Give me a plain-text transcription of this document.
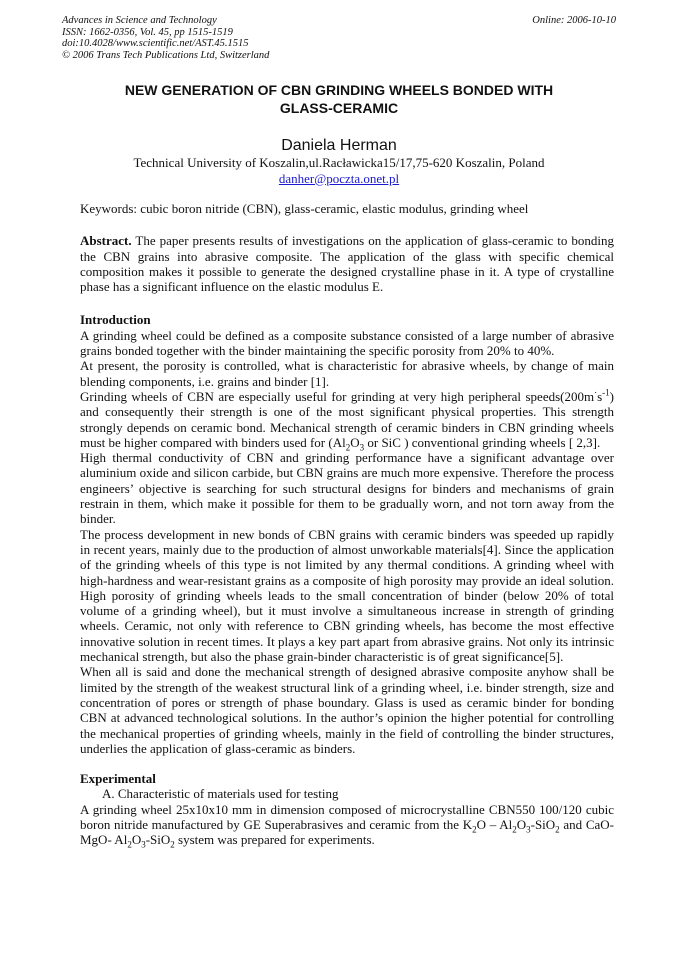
Advances in Science and Technology
ISSN: 1662-0356, Vol. 45, pp 1515-1519
doi:10.4028/www.scientific.net/AST.45.1515
© 2006 Trans Tech Publications Ltd, Switzerland
Online: 2006-10-10
NEW GENERATION OF CBN GRINDING WHEELS BONDED WITH
GLASS-CERAMIC
Daniela Herman
Technical University of Koszalin,ul.Racławicka15/17,75-620 Koszalin, Poland
danher@poczta.onet.pl

Keywords: cubic boron nitride (CBN), glass-ceramic, elastic modulus, grinding wheel

Abstract. The paper presents results of investigations on the application of glass-ceramic to bonding the CBN grains into abrasive composite. The application of the glass with specific chemical composition makes it possible to generate the designed crystalline phase in it. A type of crystalline phase has a significant influence on the elastic modulus E.

Introduction

A grinding wheel could be defined as a composite substance consisted of a large number of abrasive grains bonded together with the binder maintaining the specific porosity from 20% to 40%.

At present, the porosity is controlled, what is characteristic for abrasive wheels, by change of main blending components, i.e. grains and binder [1].

Grinding wheels of CBN are especially useful for grinding at very high peripheral $speeds(200m^\cdot s^{-1})$ and consequently their strength is one of the most significant physical properties. This strength strongly depends on ceramic bond. Mechanical strength of ceramic binders in CBN grinding wheels must be higher compared with binders used for ($Al_2O_3$ or SiC ) conventional grinding wheels [ 2,3].

High thermal conductivity of CBN and grinding performance have a significant advantage over aluminium oxide and silicon carbide, but CBN grains are much more expensive. Therefore the process engineers’ objective is searching for such structural designs for binders and mechanisms of grain restrain in them, which make it possible for them to be gradually worn, and not torn away from the binder.

The process development in new bonds of CBN grains with ceramic binders was speeded up rapidly in recent years, mainly due to the production of almost unworkable materials[4]. Since the application of the grinding wheels of this type is not limited by any thermal conditions. A grinding wheel with high-hardness and wear-resistant grains as a composite of high porosity may provide an ideal solution. High porosity of grinding wheels leads to the small concentration of binder (below 20% of total volume of a grinding wheel), but it must involve a simultaneous increase in strength of grinding wheels. Ceramic, not only with reference to CBN grinding wheels, has become the most effective innovative solution in recent times. It plays a key part apart from abrasive grains. Not only its intrinsic mechanical strength, but also the phase grain-binder characteristic is of great significance[5].

When all is said and done the mechanical strength of designed abrasive composite anyhow shall be limited by the strength of the weakest structural link of a grinding wheel, i.e. binder strength, size and concentration of pores or strength of phase boundary. Glass is used as ceramic binder for bonding CBN at advanced technological solutions. In the author’s opinion the higher potential for controlling the mechanical properties of grinding wheels, mainly in the field of controlling the binder structures, underlies the application of glass-ceramic as binders.

Experimental

A. Characteristic of materials used for testing

A grinding wheel 25x10x10 mm in dimension composed of microcrystalline CBN550 100/120 cubic boron nitride manufactured by GE Superabrasives and ceramic from the $K_2O - Al_2O_3-SiO_2$ and CaO-MgO- $Al_2O_3-SiO_2$ system was prepared for experiments.
